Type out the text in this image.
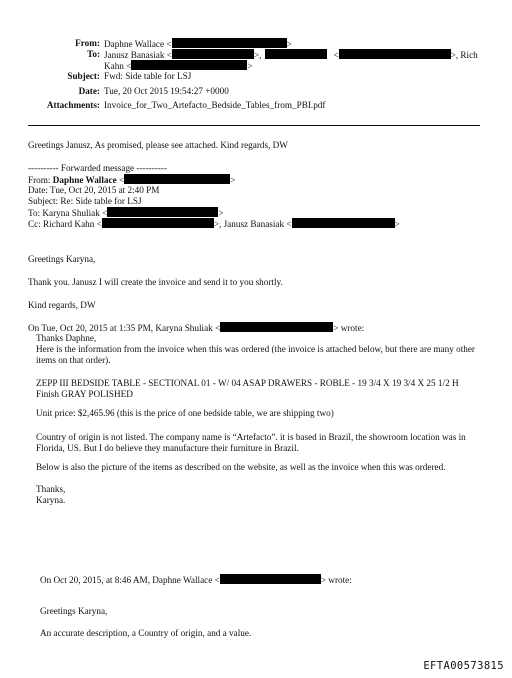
From: Daphne Wallace <	>
To: Janusz Banasiak <	>,	<	>, Rich
Kahn <	>
Subject: Fwd: Side table for LSJ
Date: Tue, 20 Oct 2015 19:54:27 +0000
Attachments: Invoice_for_Two_Artefacto_Bedside_Tables_from_PBI.pdf
Greetings Janusz, As promised, please see attached. Kind regards, DW
---------- Forwarded message ----------
From: Daphne Wallace <	>
Date: Tue, Oct 20, 2015 at 2:40 PM
Subject: Re: Side table for LSJ
To: Karyna Shuliak <	>
Cc: Richard Kahn <	>, Janusz Banasiak <	>
Greetings Karyna,
Thank you. Janusz I will create the invoice and send it to you shortly.
Kind regards, DW
On Tue, Oct 20, 2015 at 1:35 PM, Karyna Shuliak <	> wrote:
Thanks Daphne,
Here is the information from the invoice when this was ordered (the invoice is attached below, but there are many other items on that order).
ZEPP III BEDSIDE TABLE - SECTIONAL 01 - W/ 04 ASAP DRAWERS - ROBLE - 19 3/4 X 19 3/4 X 25 1/2 H
Finish GRAY POLISHED
Unit price: $2,465.96 (this is the price of one bedside table, we are shipping two)
Country of origin is not listed. The company name is “Artefacto”. it is based in Brazil, the showroom location was in Florida, US. But I do believe they manufacture their furniture in Brazil.
Below is also the picture of the items as described on the website, as well as the invoice when this was ordered.
Thanks,
Karyna.
On Oct 20, 2015, at 8:46 AM, Daphne Wallace <	> wrote:
Greetings Karyna,
An accurate description, a Country of origin, and a value.
EFTA00573815
